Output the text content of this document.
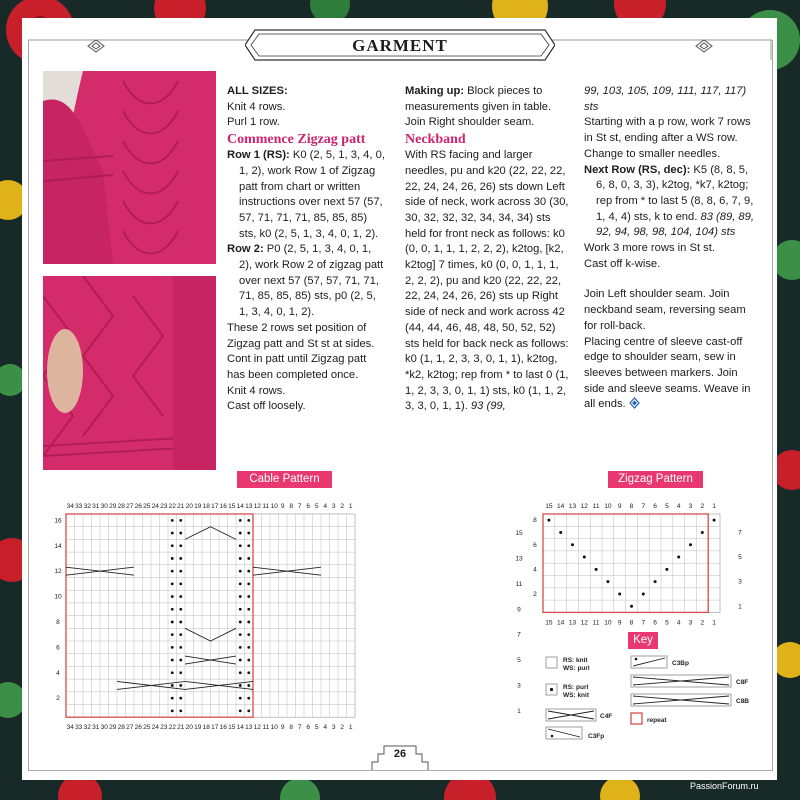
GARMENT

ALL SIZES:

Knit 4 rows.

Purl 1 row.

Commence Zigzag patt

Row 1 (RS): K0 (2, 5, 1, 3, 4, 0, 1, 2), work Row 1 of Zigzag patt from chart or written instructions over next 57 (57, 57, 71, 71, 71, 85, 85, 85) sts, k0 (2, 5, 1, 3, 4, 0, 1, 2).

Row 2: P0 (2, 5, 1, 3, 4, 0, 1, 2), work Row 2 of zigzag patt over next 57 (57, 57, 71, 71, 71, 85, 85, 85) sts, p0 (2, 5, 1, 3, 4, 0, 1, 2).

These 2 rows set position of Zigzag patt and St st at sides.

Cont in patt until Zigzag patt has been completed once.

Knit 4 rows.

Cast off loosely.

Making up: Block pieces to measurements given in table.

Join Right shoulder seam.

Neckband

With RS facing and larger needles, pu and k20 (22, 22, 22, 22, 24, 24, 26, 26) sts down Left side of neck, work across 30 (30, 30, 32, 32, 32, 34, 34, 34) sts held for front neck as follows: k0 (0, 0, 1, 1, 1, 2, 2, 2), k2tog, [k2, k2tog] 7 times, k0 (0, 0, 1, 1, 1, 2, 2, 2), pu and k20 (22, 22, 22, 22, 24, 24, 26, 26) sts up Right side of neck and work across 42 (44, 44, 46, 48, 48, 50, 52, 52) sts held for back neck as follows: k0 (1, 1, 2, 3, 3, 0, 1, 1), k2tog, *k2, k2tog; rep from * to last 0 (1, 1, 2, 3, 3, 0, 1, 1) sts, k0 (1, 1, 2, 3, 3, 0, 1, 1). 93 (99,

99, 103, 105, 109, 111, 117, 117) sts

Starting with a p row, work 7 rows in St st, ending after a WS row.

Change to smaller needles.

Next Row (RS, dec): K5 (8, 8, 5, 6, 8, 0, 3, 3), k2tog, *k7, k2tog; rep from * to last 5 (8, 8, 6, 7, 9, 1, 4, 4) sts, k to end. 83 (89, 89, 92, 94, 98, 98, 104, 104) sts

Work 3 more rows in St st.

Cast off k-wise.

Join Left shoulder seam. Join neckband seam, reversing seam for roll-back.

Placing centre of sleeve cast-off edge to shoulder seam, sew in sleeves between markers. Join side and sleeve seams. Weave in all ends.

Cable Pattern	Zigzag Pattern
Key
34
34
33
33
32
32
31
31
30
30
29
29
28
28
27
27
26
26
25
25
24
24
23
23
22
22
21
21
20
20
19
19
18
18
17
17
16
16
15
15
14
14
13
13
12
12
11
11
10
10
9
9
8
8
7
7
6
6
5
5
4
4
3
3
2
2
1
1
16
14
12
10
8
6
4
2
15
13
11
9
7
5
3
1
15
15
14
14
13
13
12
12
11
11
10
10
9
9
8
8
7
7
6
6
5
5
4
4
3
3
2
2
1
1
8
6
4
2
7
5
3
1
RS: knit
WS: purl
RS: purl
WS: knit
C4F
C3Fp
C3Bp
C8F
C8B
repeat
26
PassionForum.ru
